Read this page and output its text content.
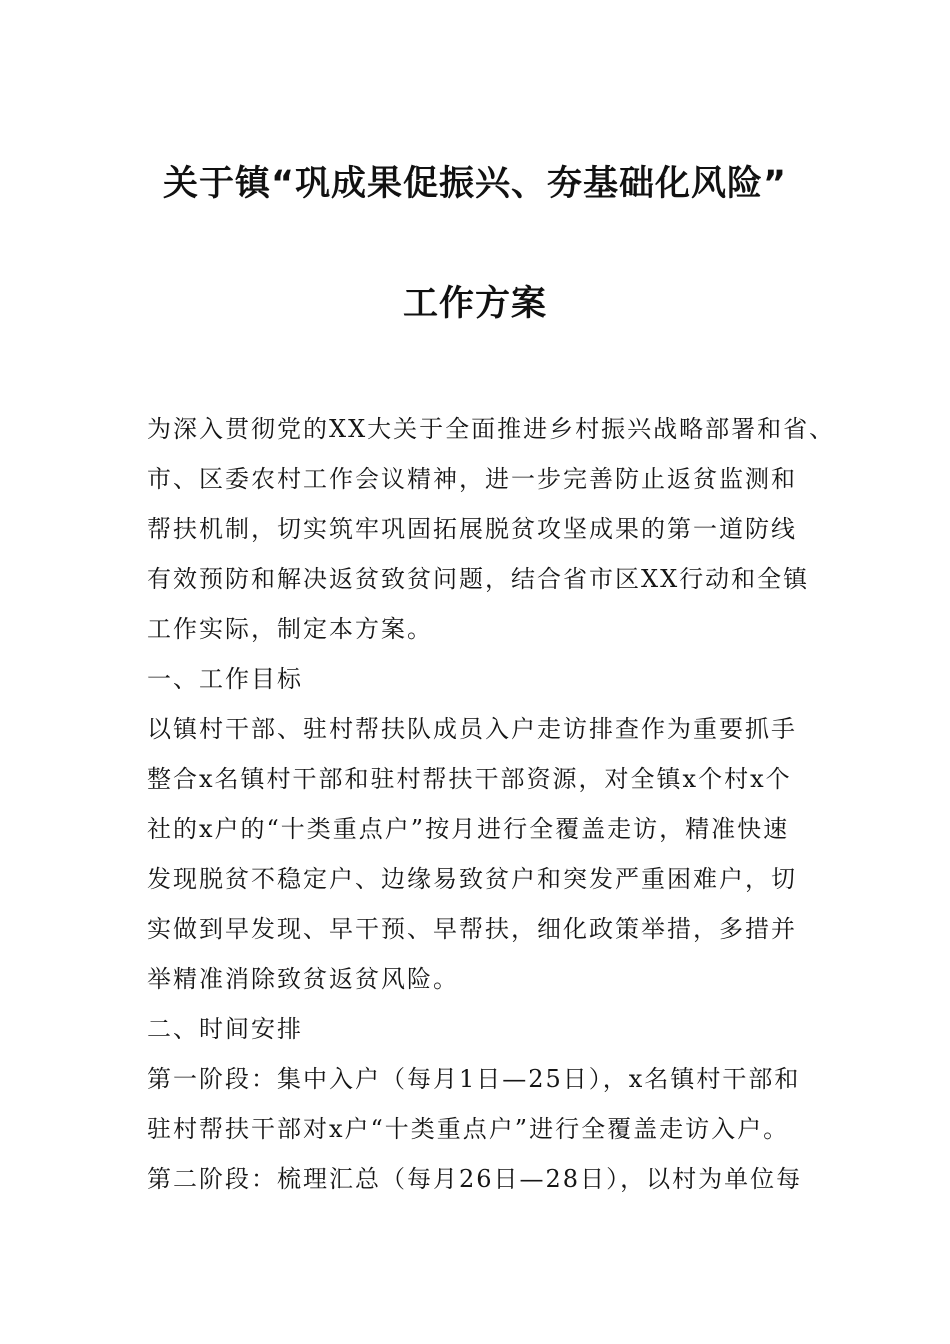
关于镇“巩成果促振兴、夯基础化风险”
工作方案
为深入贯彻党的XX大关于全面推进乡村振兴战略部署和省、
市、区委农村工作会议精神，进一步完善防止返贫监测和
帮扶机制，切实筑牢巩固拓展脱贫攻坚成果的第一道防线
有效预防和解决返贫致贫问题，结合省市区XX行动和全镇
工作实际，制定本方案。
一、工作目标
以镇村干部、驻村帮扶队成员入户走访排查作为重要抓手
整合x名镇村干部和驻村帮扶干部资源，对全镇x个村x个
社的x户的“十类重点户”按月进行全覆盖走访，精准快速
发现脱贫不稳定户、边缘易致贫户和突发严重困难户，切
实做到早发现、早干预、早帮扶，细化政策举措，多措并
举精准消除致贫返贫风险。
二、时间安排
第一阶段：集中入户（每月1日—25日），x名镇村干部和
驻村帮扶干部对x户“十类重点户”进行全覆盖走访入户。
第二阶段：梳理汇总（每月26日—28日），以村为单位每
